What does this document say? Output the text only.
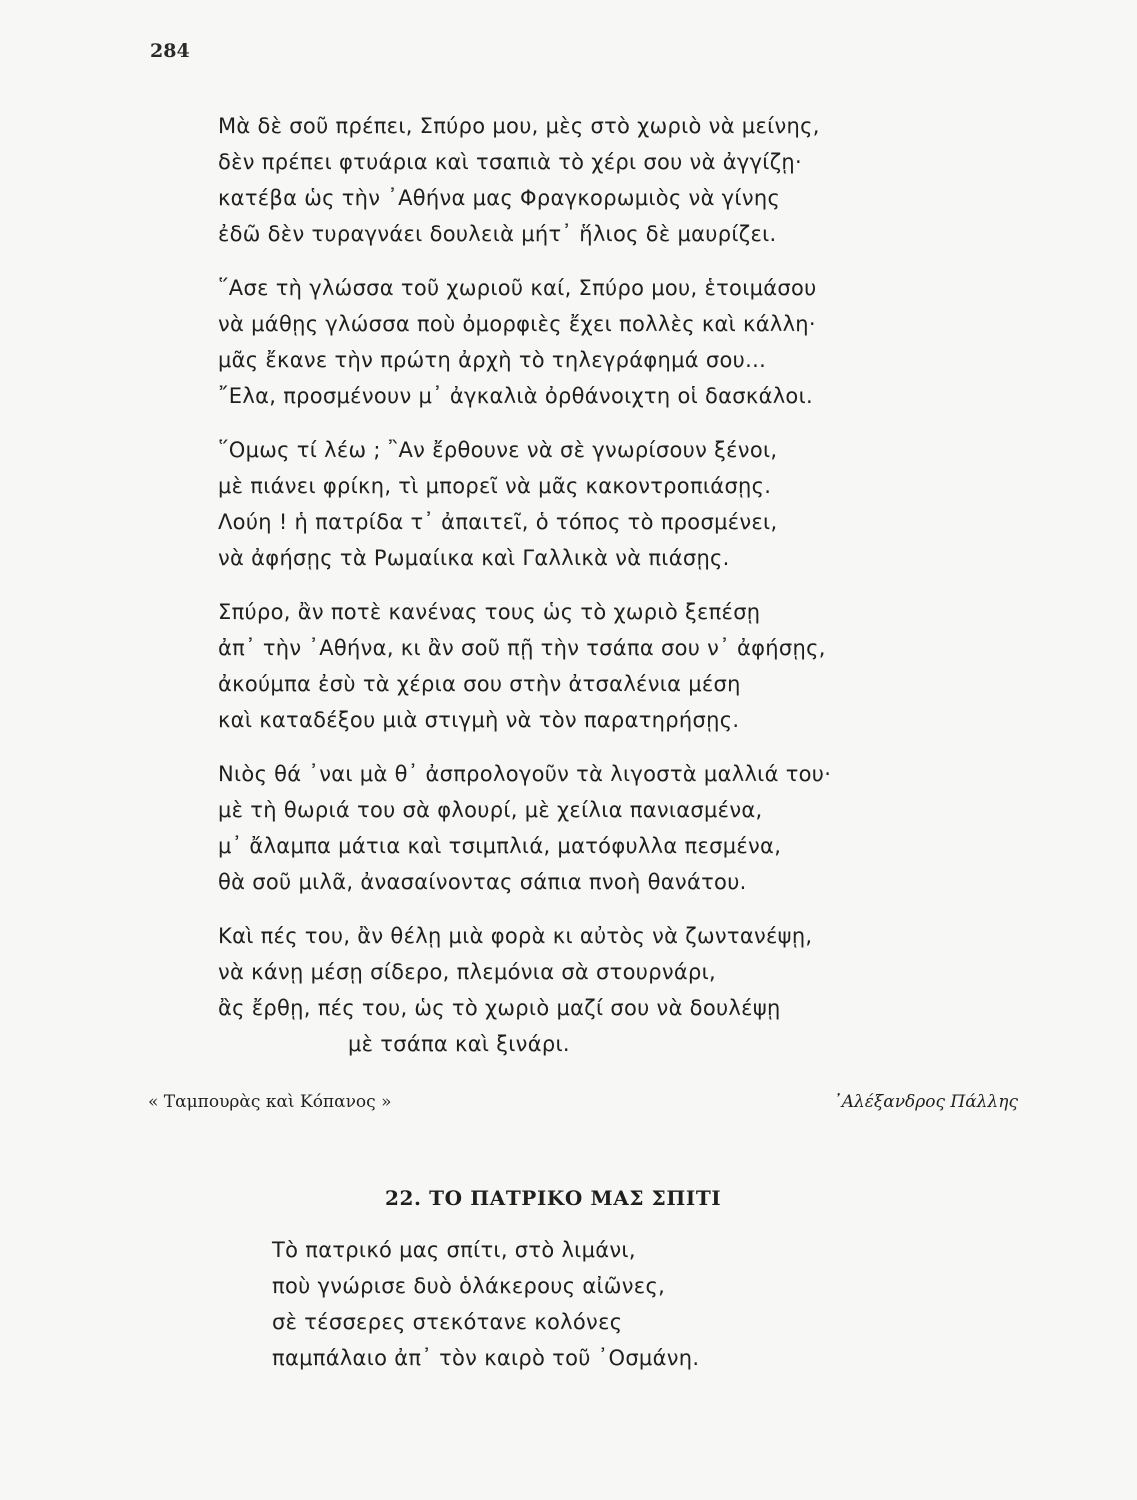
284
Μὰ δὲ σοῦ πρέπει, Σπύρο μου, μὲς στὸ χωριὸ νὰ μείνης,
δὲν πρέπει φτυάρια καὶ τσαπιὰ τὸ χέρι σου νὰ ἀγγίζῃ·
κατέβα ὡς τὴν ᾿Αθήνα μας Φραγκορωμιὸς νὰ γίνης
ἐδῶ δὲν τυραγνάει δουλειὰ μήτ᾿ ἥλιος δὲ μαυρίζει.
῞Ασε τὴ γλώσσα τοῦ χωριοῦ καί, Σπύρο μου, ἑτοιμάσου
νὰ μάθῃς γλώσσα ποὺ ὀμορφιὲς ἔχει πολλὲς καὶ κάλλη·
μᾶς ἔκανε τὴν πρώτη ἀρχὴ τὸ τηλεγράφημά σου...
῎Ελα, προσμένουν μ᾿ ἀγκαλιὰ ὀρθάνοιχτη οἱ δασκάλοι.
῞Ομως τί λέω ; ῍Αν ἔρθουνε νὰ σὲ γνωρίσουν ξένοι,
μὲ πιάνει φρίκη, τὶ μπορεῖ νὰ μᾶς κακοντροπιάσῃς.
Λούη ! ἡ πατρίδα τ᾿ ἀπαιτεῖ, ὁ τόπος τὸ προσμένει,
νὰ ἀφήσῃς τὰ Ρωμαίικα καὶ Γαλλικὰ νὰ πιάσῃς.
Σπύρο, ἂν ποτὲ κανένας τους ὡς τὸ χωριὸ ξεπέσῃ
ἀπ᾿ τὴν ᾿Αθήνα, κι ἂν σοῦ πῇ τὴν τσάπα σου ν᾿ ἀφήσῃς,
ἀκούμπα ἐσὺ τὰ χέρια σου στὴν ἀτσαλένια μέση
καὶ καταδέξου μιὰ στιγμὴ νὰ τὸν παρατηρήσῃς.
Νιὸς θά ᾿ναι μὰ θ᾿ ἀσπρολογοῦν τὰ λιγοστὰ μαλλιά του·
μὲ τὴ θωριά του σὰ φλουρί, μὲ χείλια πανιασμένα,
μ᾿ ἄλαμπα μάτια καὶ τσιμπλιά, ματόφυλλα πεσμένα,
θὰ σοῦ μιλᾶ, ἀνασαίνοντας σάπια πνοὴ θανάτου.
Καὶ πές του, ἂν θέλῃ μιὰ φορὰ κι αὐτὸς νὰ ζωντανέψῃ,
νὰ κάνῃ μέσῃ σίδερο, πλεμόνια σὰ στουρνάρι,
ἂς ἔρθῃ, πές του, ὡς τὸ χωριὸ μαζί σου νὰ δουλέψῃ
μὲ τσάπα καὶ ξινάρι.
« Ταμπουρὰς καὶ Κόπανος »	᾿Αλέξανδρος Πάλλης
22. ΤΟ ΠΑΤΡΙΚΟ ΜΑΣ ΣΠΙΤΙ
Τὸ πατρικό μας σπίτι, στὸ λιμάνι,
ποὺ γνώρισε δυὸ ὁλάκερους αἰῶνες,
σὲ τέσσερες στεκότανε κολόνες
παμπάλαιο ἀπ᾿ τὸν καιρὸ τοῦ ᾿Οσμάνη.
